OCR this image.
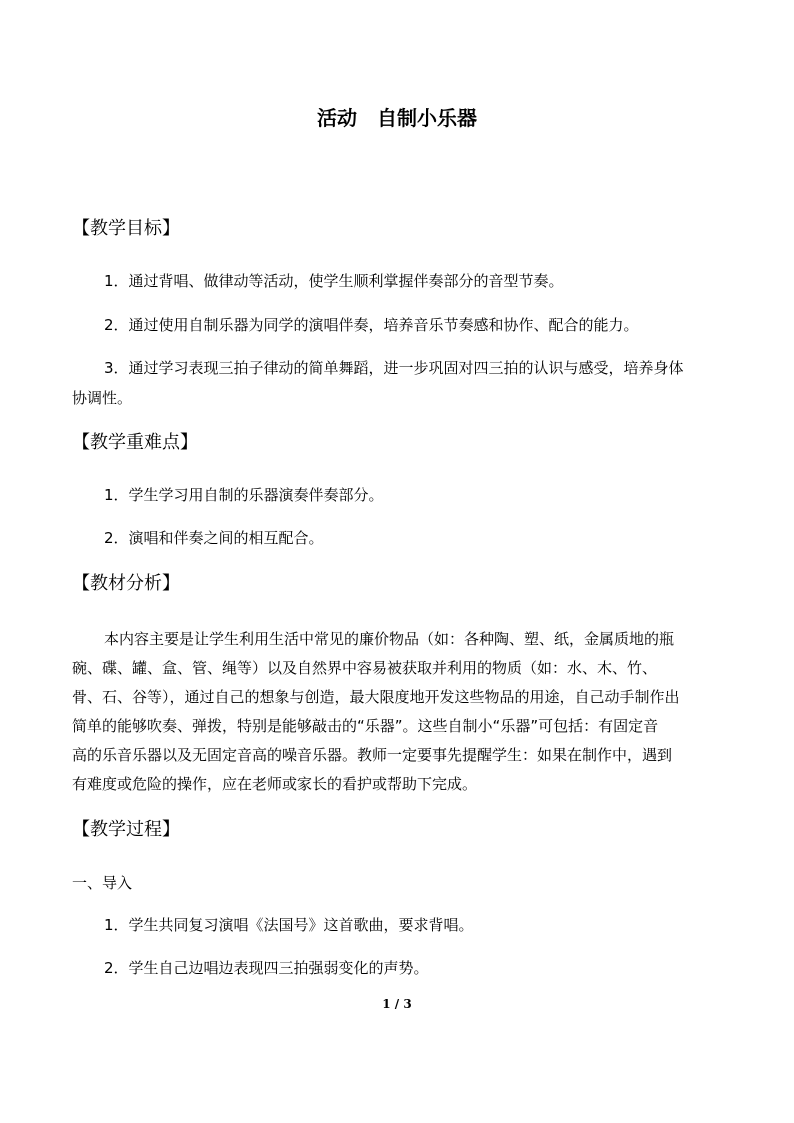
活动　自制小乐器
【教学目标】

1．通过背唱、做律动等活动，使学生顺利掌握伴奏部分的音型节奏。

2．通过使用自制乐器为同学的演唱伴奏，培养音乐节奏感和协作、配合的能力。

3．通过学习表现三拍子律动的简单舞蹈，进一步巩固对四三拍的认识与感受，培养身体

协调性。

【教学重难点】

1．学生学习用自制的乐器演奏伴奏部分。

2．演唱和伴奏之间的相互配合。

【教材分析】

本内容主要是让学生利用生活中常见的廉价物品（如：各种陶、塑、纸，金属质地的瓶

碗、碟、罐、盒、管、绳等）以及自然界中容易被获取并利用的物质（如：水、木、竹、

骨、石、谷等），通过自己的想象与创造，最大限度地开发这些物品的用途，自己动手制作出

简单的能够吹奏、弹拨，特别是能够敲击的“乐器”。这些自制小“乐器”可包括：有固定音

高的乐音乐器以及无固定音高的噪音乐器。教师一定要事先提醒学生：如果在制作中，遇到

有难度或危险的操作，应在老师或家长的看护或帮助下完成。

【教学过程】

一、导入

1．学生共同复习演唱《法国号》这首歌曲，要求背唱。

2．学生自己边唱边表现四三拍强弱变化的声势。

1 / 3
